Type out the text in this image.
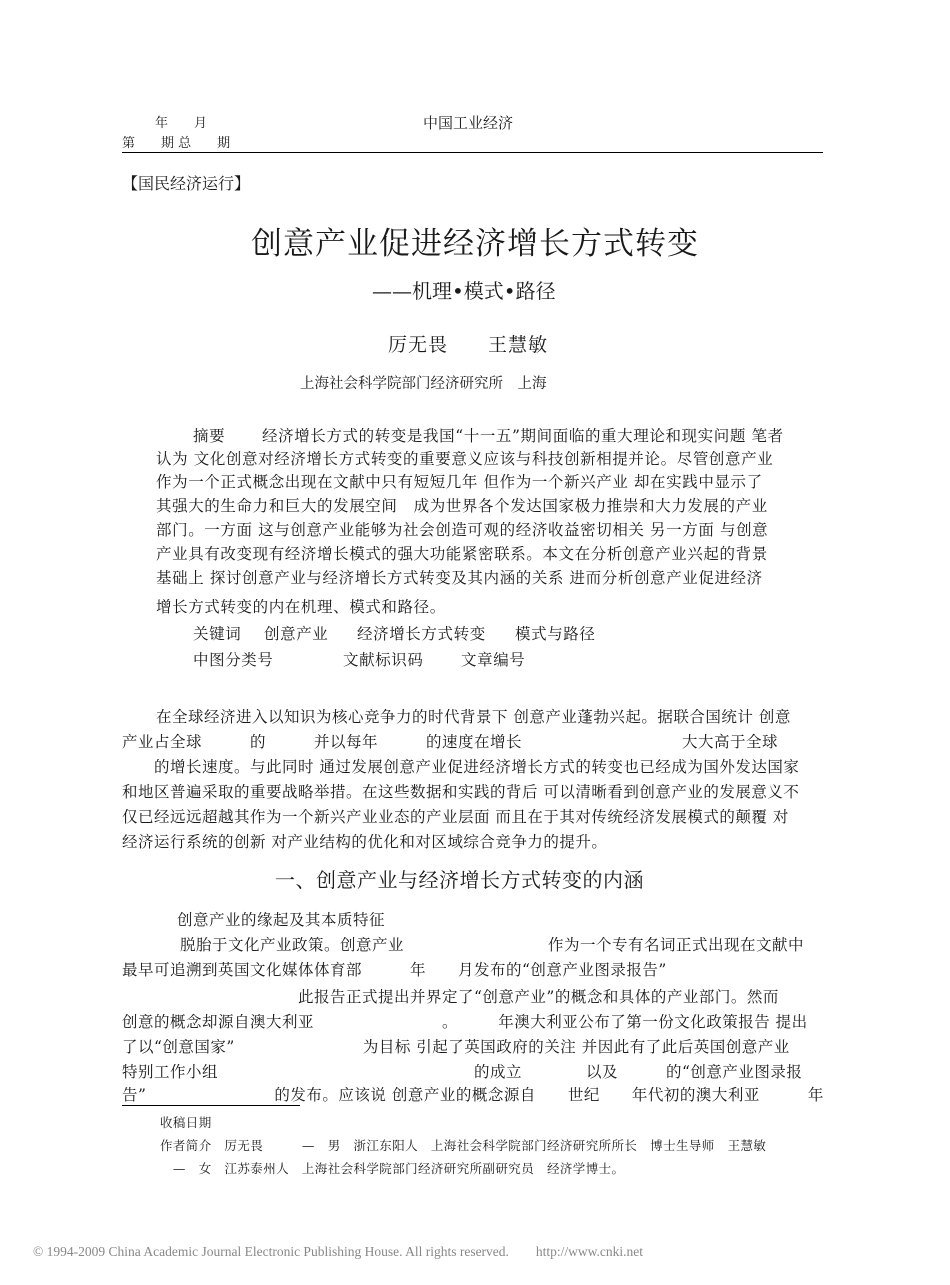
年　　月
第　　期 总　　期
中国工业经济
【国民经济运行】
创意产业促进经济增长方式转变
——机理•模式•路径
厉无畏　　王慧敏
上海社会科学院部门经济研究所　上海
摘要 经济增长方式的转变是我国“十一五”期间面临的重大理论和现实问题 笔者
认为 文化创意对经济增长方式转变的重要意义应该与科技创新相提并论。尽管创意产业
作为一个正式概念出现在文献中只有短短几年 但作为一个新兴产业 却在实践中显示了
其强大的生命力和巨大的发展空间　成为世界各个发达国家极力推崇和大力发展的产业
部门。一方面 这与创意产业能够为社会创造可观的经济收益密切相关 另一方面 与创意
产业具有改变现有经济增长模式的强大功能紧密联系。本文在分析创意产业兴起的背景
基础上 探讨创意产业与经济增长方式转变及其内涵的关系 进而分析创意产业促进经济
增长方式转变的内在机理、模式和路径。
关键词 创意产业 经济增长方式转变 模式与路径
中图分类号	文献标识码 文章编号
在全球经济进入以知识为核心竞争力的时代背景下 创意产业蓬勃兴起。据联合国统计 创意
产业占全球　　　的　　　并以每年　　　的速度在增长　　　　　　　　　　大大高于全球
　　的增长速度。与此同时 通过发展创意产业促进经济增长方式的转变也已经成为国外发达国家
和地区普遍采取的重要战略举措。在这些数据和实践的背后 可以清晰看到创意产业的发展意义不
仅已经远远超越其作为一个新兴产业业态的产业层面 而且在于其对传统经济发展模式的颠覆 对
经济运行系统的创新 对产业结构的优化和对区域综合竞争力的提升。
一、创意产业与经济增长方式转变的内涵
创意产业的缘起及其本质特征
脱胎于文化产业政策。创意产业　　　　　　　　　作为一个专有名词正式出现在文献中
最早可追溯到英国文化媒体体育部　　　年　　月发布的“创意产业图录报告”
此报告正式提出并界定了“创意产业”的概念和具体的产业部门。然而
创意的概念却源自澳大利亚　　　　　　　　。　　　年澳大利亚公布了第一份文化政策报告 提出
了以“创意国家”　　　　　　　　为目标 引起了英国政府的关注 并因此有了此后英国创意产业
特别工作小组　　　　　　　　　　　　　　　　的成立　　　　以及　　　的“创意产业图录报
告”　　　　　　　　的发布。应该说 创意产业的概念源自　　世纪　　年代初的澳大利亚　　　年
收稿日期
作者简介　厉无畏　　　—　男　浙江东阳人　上海社会科学院部门经济研究所所长　博士生导师　王慧敏
　—　女　江苏泰州人　上海社会科学院部门经济研究所副研究员　经济学博士。
© 1994-2009 China Academic Journal Electronic Publishing House. All rights reserved.　　http://www.cnki.net
